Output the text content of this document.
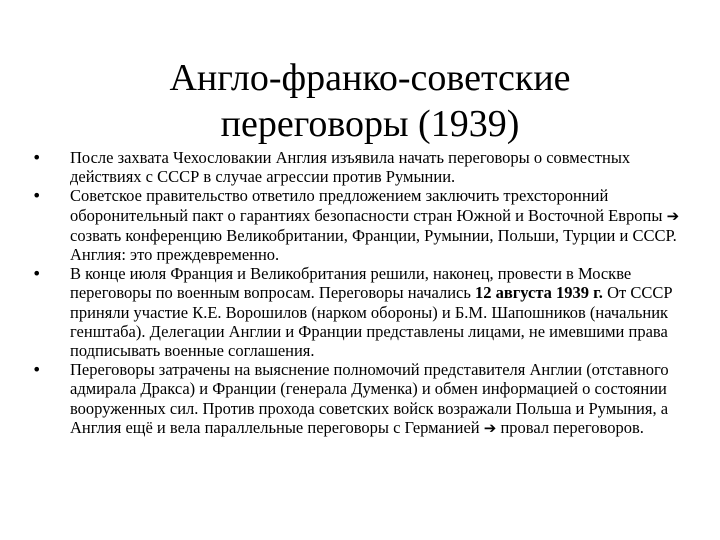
Англо-франко-советские
переговоры (1939)
• После захвата Чехословакии Англия изъявила начать переговоры о совместных действиях с СССР в случае агрессии против Румынии.
• Советское правительство ответило предложением заключить трехсторонний оборонительный пакт о гарантиях безопасности стран Южной и Восточной Европы ➔ созвать конференцию Великобритании, Франции, Румынии, Польши, Турции и СССР. Англия: это преждевременно.
• В конце июля Франция и Великобритания решили, наконец, провести в Москве переговоры по военным вопросам. Переговоры начались 12 августа 1939 г. От СССР приняли участие К.Е. Ворошилов (нарком обороны) и Б.М. Шапошников (начальник генштаба). Делегации Англии и Франции представлены лицами, не имевшими права подписывать военные соглашения.
• Переговоры затрачены на выяснение полномочий представителя Англии (отставного адмирала Дракса) и Франции (генерала Думенка) и обмен информацией о состоянии вооруженных сил. Против прохода советских войск возражали Польша и Румыния, а Англия ещё и вела параллельные переговоры с Германией ➔ провал переговоров.
